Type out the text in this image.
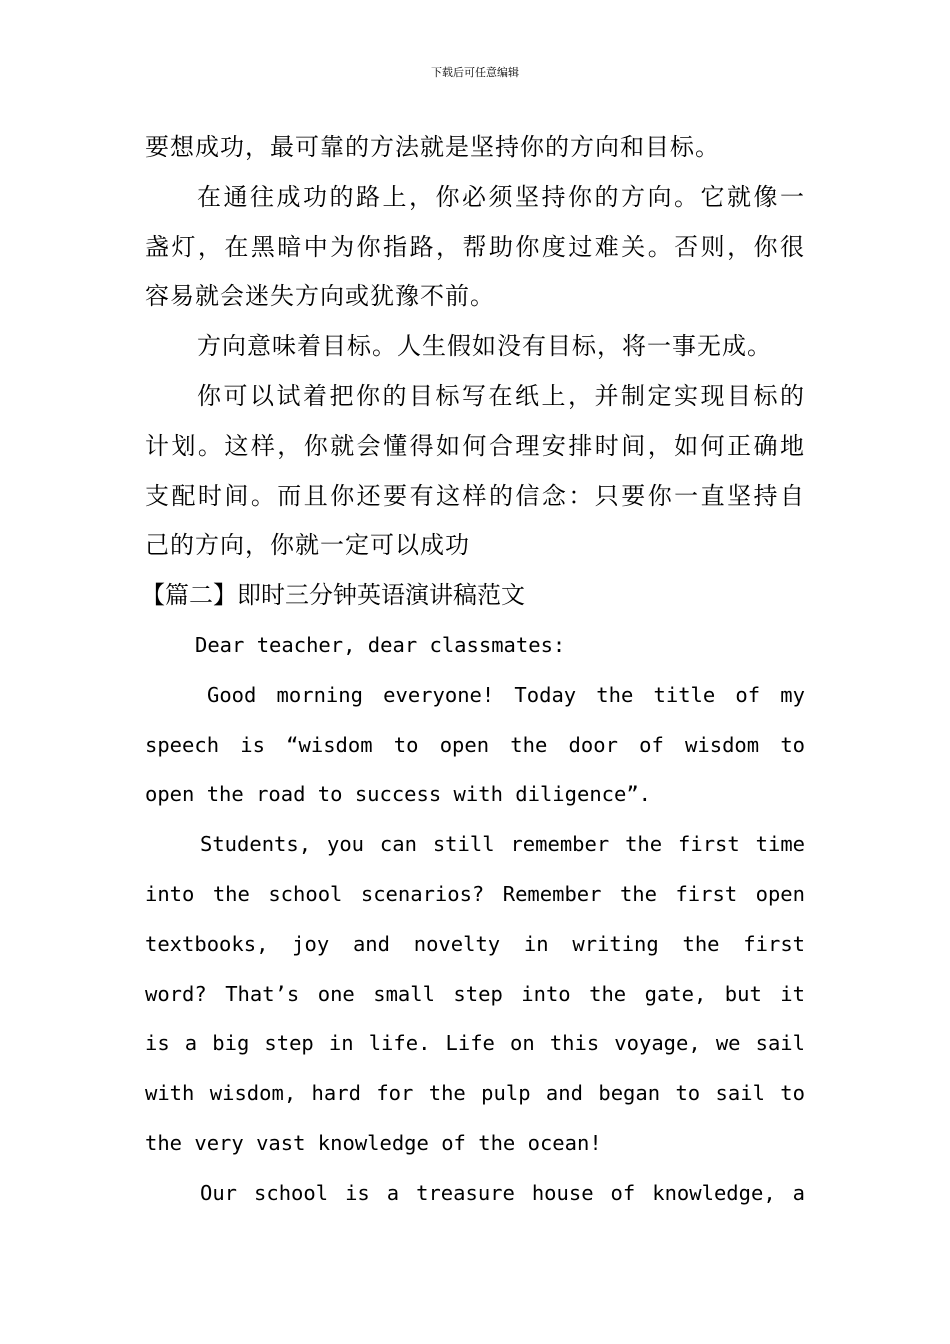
下载后可任意编辑
要想成功，最可靠的方法就是坚持你的方向和目标。
在通往成功的路上，你必须坚持你的方向。它就像一
盏灯，在黑暗中为你指路，帮助你度过难关。否则，你很
容易就会迷失方向或犹豫不前。
方向意味着目标。人生假如没有目标，将一事无成。
你可以试着把你的目标写在纸上，并制定实现目标的
计划。这样，你就会懂得如何合理安排时间，如何正确地
支配时间。而且你还要有这样的信念：只要你一直坚持自
己的方向，你就一定可以成功
【篇二】即时三分钟英语演讲稿范文
Dear teacher, dear classmates:
Good morning everyone! Today the title of my
speech is “wisdom to open the door of wisdom to
open the road to success with diligence”.
Students, you can still remember the first time
into the school scenarios? Remember the first open
textbooks, joy and novelty in writing the first
word? That’s one small step into the gate, but it
is a big step in life. Life on this voyage, we sail
with wisdom, hard for the pulp and began to sail to
the very vast knowledge of the ocean!
Our school is a treasure house of knowledge, a
